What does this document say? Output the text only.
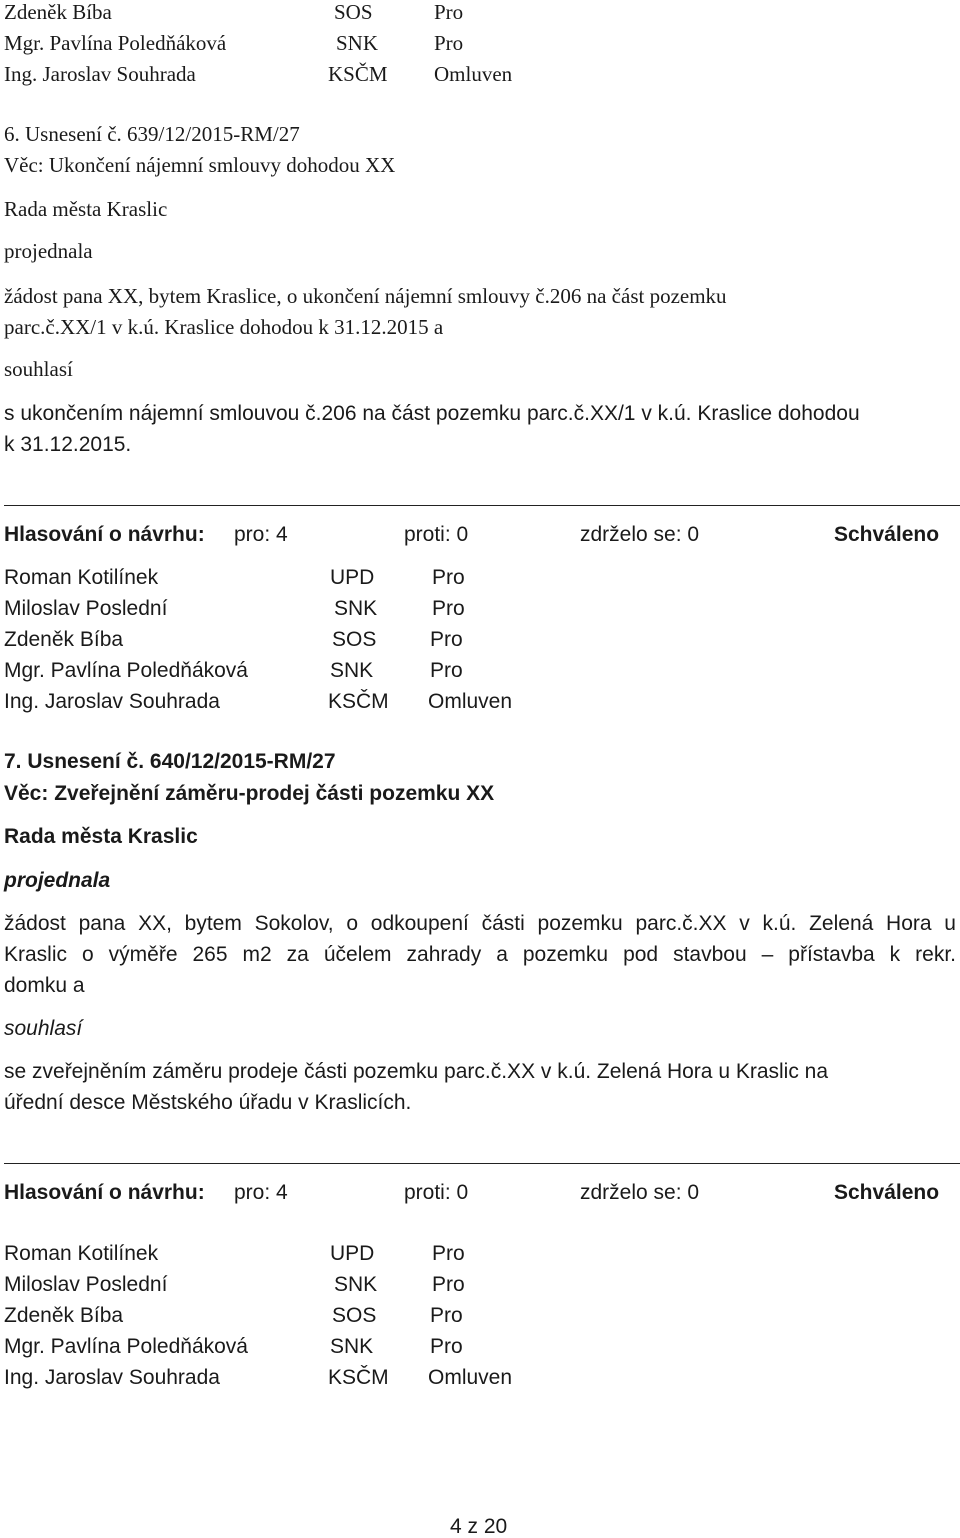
Zdeněk Bíba	SOS	Pro
Mgr. Pavlína Poledňáková	SNK	Pro
Ing. Jaroslav Souhrada	KSČM Omluven
6. Usnesení č. 639/12/2015-RM/27
Věc: Ukončení nájemní smlouvy dohodou XX
Rada města Kraslic
projednala
žádost pana XX, bytem Kraslice, o ukončení nájemní smlouvy č.206 na část pozemku
parc.č.XX/1 v k.ú. Kraslice dohodou k 31.12.2015 a
souhlasí
s ukončením nájemní smlouvou č.206 na část pozemku parc.č.XX/1 v k.ú. Kraslice dohodou
k 31.12.2015.
Hlasování o návrhu: pro: 4	proti: 0	zdrželo se: 0	Schváleno
Roman Kotilínek	UPD	Pro
Miloslav Poslední	SNK	Pro
Zdeněk Bíba	SOS	Pro
Mgr. Pavlína Poledňáková	SNK	Pro
Ing. Jaroslav Souhrada	KSČM Omluven
7. Usnesení č. 640/12/2015-RM/27
Věc: Zveřejnění záměru-prodej části pozemku XX
Rada města Kraslic
projednala
žádost pana XX, bytem Sokolov, o odkoupení části pozemku parc.č.XX v k.ú. Zelená Hora u
Kraslic o výměře 265 m2 za účelem zahrady a pozemku pod stavbou – přístavba k rekr.
domku a
souhlasí
se zveřejněním záměru prodeje části pozemku parc.č.XX v k.ú. Zelená Hora u Kraslic na
úřední desce Městského úřadu v Kraslicích.
Hlasování o návrhu: pro: 4	proti: 0	zdrželo se: 0	Schváleno
Roman Kotilínek	UPD	Pro
Miloslav Poslední	SNK	Pro
Zdeněk Bíba	SOS	Pro
Mgr. Pavlína Poledňáková	SNK	Pro
Ing. Jaroslav Souhrada	KSČM Omluven
4 z 20
